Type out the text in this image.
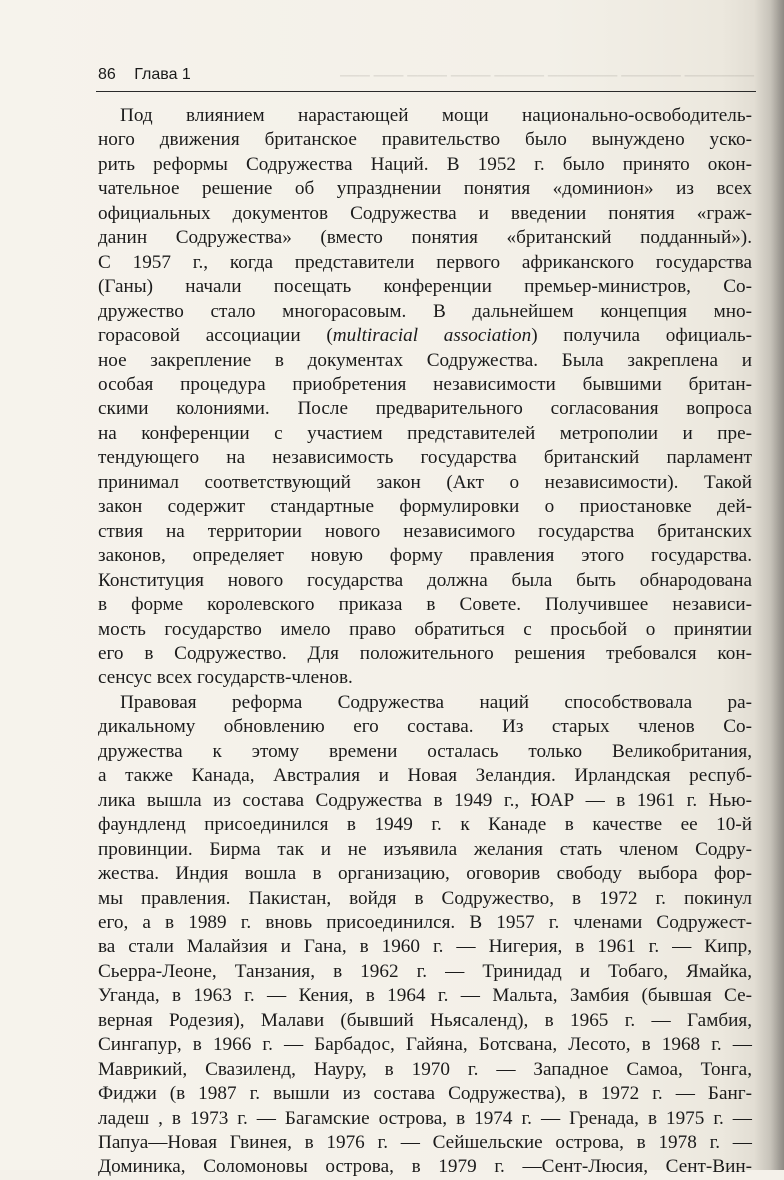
─── ─── ──── ──── ───── ─────── ────── ───────
86 Глава 1
Под влиянием нарастающей мощи национально-освободитель-
ного движения британское правительство было вынуждено уско-
рить реформы Содружества Наций. В 1952 г. было принято окон-
чательное решение об упразднении понятия «доминион» из всех
официальных документов Содружества и введении понятия «граж-
данин Содружества» (вместо понятия «британский подданный»).
С 1957 г., когда представители первого африканского государства
(Ганы) начали посещать конференции премьер-министров, Со-
дружество стало многорасовым. В дальнейшем концепция мно-
горасовой ассоциации (multiracial association) получила официаль-
ное закрепление в документах Содружества. Была закреплена и
особая процедура приобретения независимости бывшими британ-
скими колониями. После предварительного согласования вопроса
на конференции с участием представителей метрополии и пре-
тендующего на независимость государства британский парламент
принимал соответствующий закон (Акт о независимости). Такой
закон содержит стандартные формулировки о приостановке дей-
ствия на территории нового независимого государства британских
законов, определяет новую форму правления этого государства.
Конституция нового государства должна была быть обнародована
в форме королевского приказа в Совете. Получившее независи-
мость государство имело право обратиться с просьбой о принятии
его в Содружество. Для положительного решения требовался кон-
сенсус всех государств-членов.
Правовая реформа Содружества наций способствовала ра-
дикальному обновлению его состава. Из старых членов Со-
дружества к этому времени осталась только Великобритания,
а также Канада, Австралия и Новая Зеландия. Ирландская респуб-
лика вышла из состава Содружества в 1949 г., ЮАР — в 1961 г. Нью-
фаундленд присоединился в 1949 г. к Канаде в качестве ее 10-й
провинции. Бирма так и не изъявила желания стать членом Содру-
жества. Индия вошла в организацию, оговорив свободу выбора фор-
мы правления. Пакистан, войдя в Содружество, в 1972 г. покинул
его, а в 1989 г. вновь присоединился. В 1957 г. членами Содружест-
ва стали Малайзия и Гана, в 1960 г. — Нигерия, в 1961 г. — Кипр,
Сьерра-Леоне, Танзания, в 1962 г. — Тринидад и Тобаго, Ямайка,
Уганда, в 1963 г. — Кения, в 1964 г. — Мальта, Замбия (бывшая Се-
верная Родезия), Малави (бывший Ньясаленд), в 1965 г. — Гамбия,
Сингапур, в 1966 г. — Барбадос, Гайяна, Ботсвана, Лесото, в 1968 г. —
Маврикий, Свазиленд, Науру, в 1970 г. — Западное Самоа, Тонга,
Фиджи (в 1987 г. вышли из состава Содружества), в 1972 г. — Банг-
ладеш , в 1973 г. — Багамские острова, в 1974 г. — Гренада, в 1975 г. —
Папуа—Новая Гвинея, в 1976 г. — Сейшельские острова, в 1978 г. —
Доминика, Соломоновы острова, в 1979 г. —Сент-Люсия, Сент-Вин-
